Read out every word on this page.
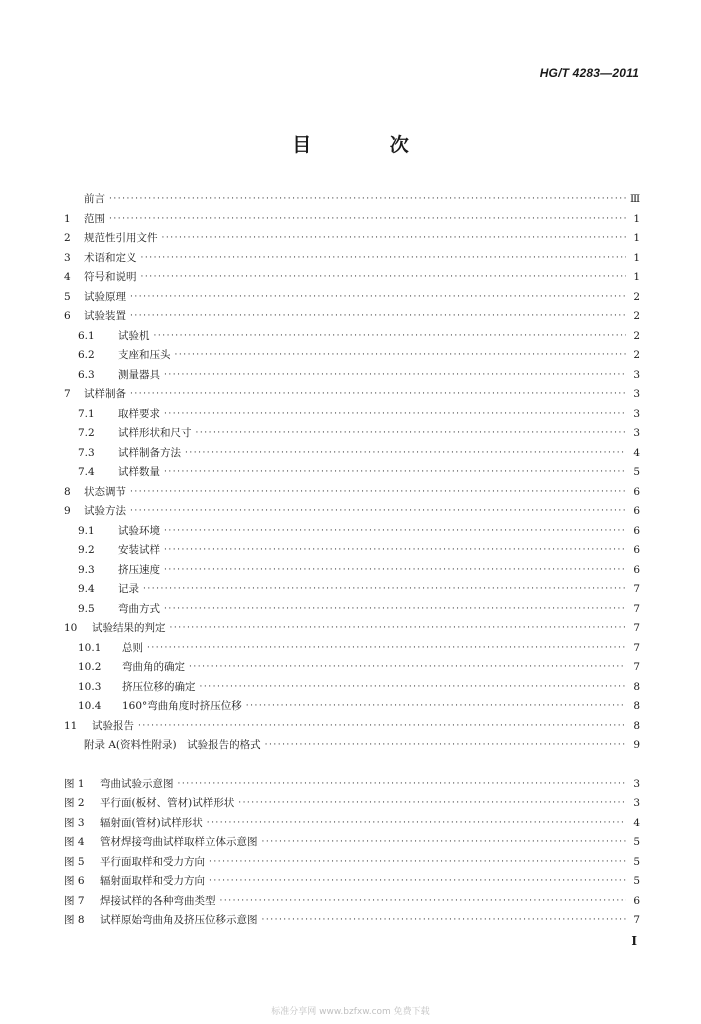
HG/T 4283—2011
目 次
前言 ·····	Ⅲ
1	范围 ·····	1
2	规范性引用文件 ·····	1
3	术语和定义 ·····	1
4	符号和说明 ·····	1
5	试验原理 ·····	2
6	试验装置 ·····	2
6.1	试验机 ·····	2
6.2	支座和压头 ·····	2
6.3	测量器具 ·····	3
7	试样制备 ·····	3
7.1	取样要求 ·····	3
7.2	试样形状和尺寸 ·····	3
7.3	试样制备方法 ·····	4
7.4	试样数量 ·····	5
8	状态调节 ·····	6
9	试验方法 ·····	6
9.1	试验环境 ·····	6
9.2	安装试样 ·····	6
9.3	挤压速度 ·····	6
9.4	记录 ·····	7
9.5	弯曲方式 ·····	7
10	试验结果的判定 ·····	7
10.1	总则 ·····	7
10.2	弯曲角的确定 ·····	7
10.3	挤压位移的确定 ·····	8
10.4	160°弯曲角度时挤压位移 ·····	8
11	试验报告 ·····	8
附录 A(资料性附录)　试验报告的格式 ·····	9
图 1	弯曲试验示意图 ·····	3
图 2	平行面(板材、管材)试样形状 ·····	3
图 3	辐射面(管材)试样形状 ·····	4
图 4	管材焊接弯曲试样取样立体示意图 ·····	5
图 5	平行面取样和受力方向 ·····	5
图 6	辐射面取样和受力方向 ·····	5
图 7	焊接试样的各种弯曲类型 ·····	6
图 8	试样原始弯曲角及挤压位移示意图 ·····	7
I
标准分享网 www.bzfxw.com 免费下载
